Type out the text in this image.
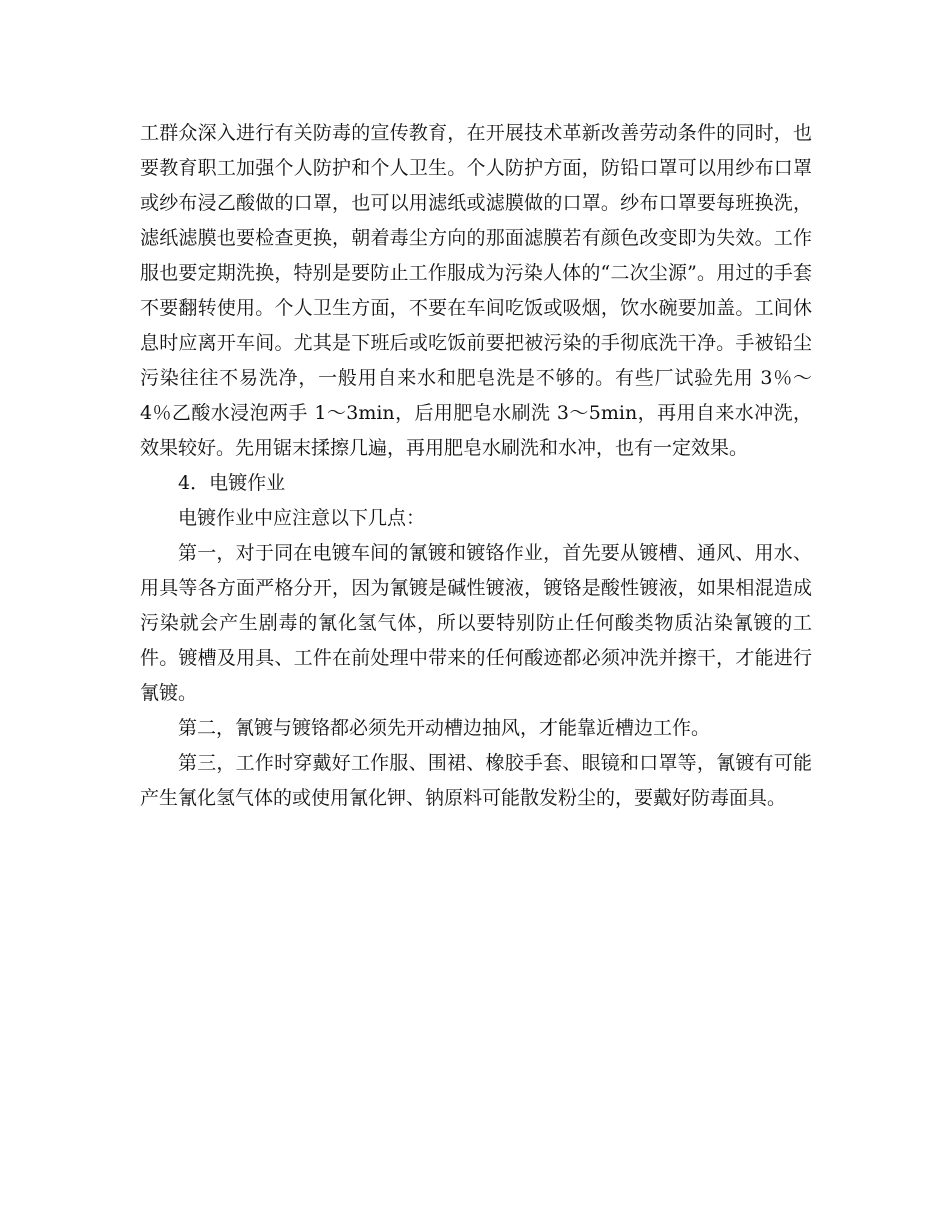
工群众深入进行有关防毒的宣传教育，在开展技术革新改善劳动条件的同时，也要教育职工加强个人防护和个人卫生。个人防护方面，防铅口罩可以用纱布口罩或纱布浸乙酸做的口罩，也可以用滤纸或滤膜做的口罩。纱布口罩要每班换洗，滤纸滤膜也要检查更换，朝着毒尘方向的那面滤膜若有颜色改变即为失效。工作服也要定期洗换，特别是要防止工作服成为污染人体的“二次尘源”。用过的手套不要翻转使用。个人卫生方面，不要在车间吃饭或吸烟，饮水碗要加盖。工间休息时应离开车间。尤其是下班后或吃饭前要把被污染的手彻底洗干净。手被铅尘污染往往不易洗净，一般用自来水和肥皂洗是不够的。有些厂试验先用 3％～4％乙酸水浸泡两手 1～3min，后用肥皂水刷洗 3～5min，再用自来水冲洗，效果较好。先用锯末揉擦几遍，再用肥皂水刷洗和水冲，也有一定效果。

4．电镀作业

电镀作业中应注意以下几点：

第一，对于同在电镀车间的氰镀和镀铬作业，首先要从镀槽、通风、用水、用具等各方面严格分开，因为氰镀是碱性镀液，镀铬是酸性镀液，如果相混造成污染就会产生剧毒的氰化氢气体，所以要特别防止任何酸类物质沾染氰镀的工件。镀槽及用具、工件在前处理中带来的任何酸迹都必须冲洗并擦干，才能进行氰镀。

第二，氰镀与镀铬都必须先开动槽边抽风，才能靠近槽边工作。

第三，工作时穿戴好工作服、围裙、橡胶手套、眼镜和口罩等，氰镀有可能产生氰化氢气体的或使用氰化钾、钠原料可能散发粉尘的，要戴好防毒面具。
